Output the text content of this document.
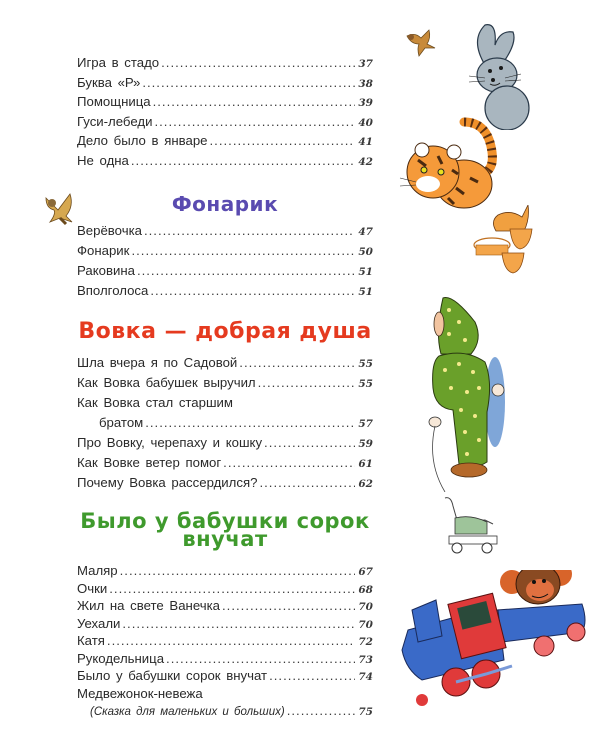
Игра в стадо .....	37
Буква «Р» .....	38
Помощница .....	39
Гуси-лебеди .....	40
Дело было в январе .....	41
Не одна .....	42
Фонарик
Верёвочка .....	47
Фонарик .....	50
Раковина .....	51
Вполголоса .....	51
Вовка — добрая душа
Шла вчера я по Садовой .....	55
Как Вовка бабушек выручил .....	55
Как Вовка стал старшим
братом .....	57
Про Вовку, черепаху и кошку .....	59
Как Вовке ветер помог .....	61
Почему Вовка рассердился? .....	62
Было у бабушки сорок
внучат
Маляр .....	67
Очки .....	68
Жил на свете Ванечка .....	70
Уехали .....	70
Катя .....	72
Рукодельница .....	73
Было у бабушки сорок внучат .....	74
Медвежонок-невежа
(Сказка для маленьких и больших) .....	75
